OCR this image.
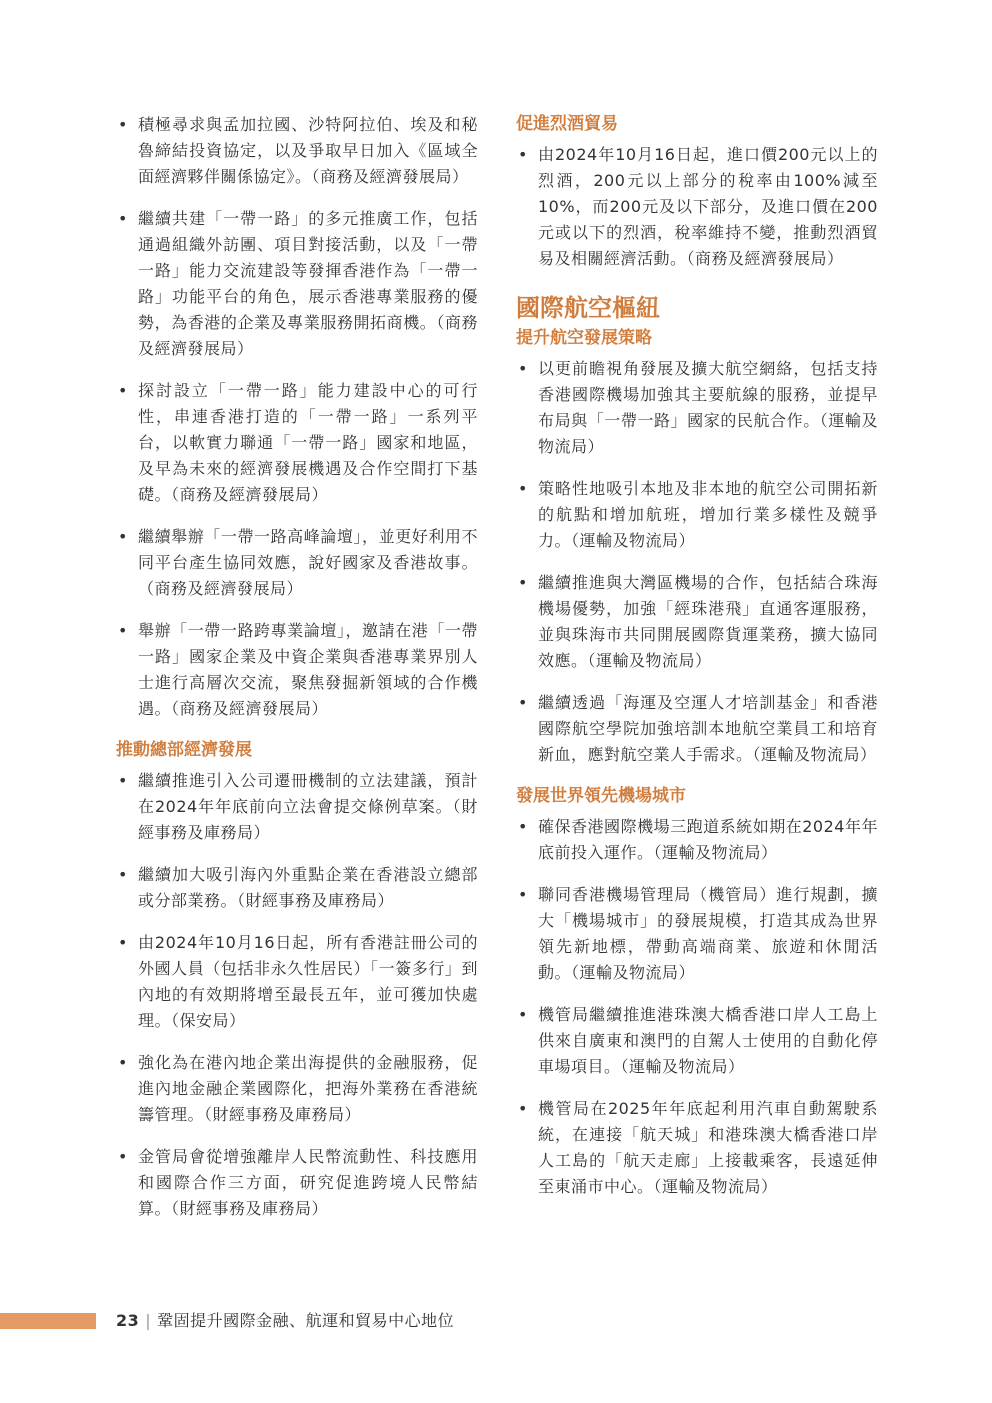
• 積極尋求與孟加拉國、沙特阿拉伯、埃及和秘魯締結投資協定，以及爭取早日加入《區域全面經濟夥伴關係協定》。（商務及經濟發展局）
• 繼續共建「一帶一路」的多元推廣工作，包括通過組織外訪團、項目對接活動，以及「一帶一路」能力交流建設等發揮香港作為「一帶一路」功能平台的角色，展示香港專業服務的優勢，為香港的企業及專業服務開拓商機。（商務及經濟發展局）
• 探討設立「一帶一路」能力建設中心的可行性，串連香港打造的「一帶一路」一系列平台，以軟實力聯通「一帶一路」國家和地區，及早為未來的經濟發展機遇及合作空間打下基礎。（商務及經濟發展局）
• 繼續舉辦「一帶一路高峰論壇」，並更好利用不同平台產生協同效應，說好國家及香港故事。（商務及經濟發展局）
• 舉辦「一帶一路跨專業論壇」，邀請在港「一帶一路」國家企業及中資企業與香港專業界別人士進行高層次交流，聚焦發掘新領域的合作機遇。（商務及經濟發展局）
推動總部經濟發展
• 繼續推進引入公司遷冊機制的立法建議，預計在2024年年底前向立法會提交條例草案。（財經事務及庫務局）
• 繼續加大吸引海內外重點企業在香港設立總部或分部業務。（財經事務及庫務局）
• 由2024年10月16日起，所有香港註冊公司的外國人員（包括非永久性居民）「一簽多行」到內地的有效期將增至最長五年，並可獲加快處理。（保安局）
• 強化為在港內地企業出海提供的金融服務，促進內地金融企業國際化，把海外業務在香港統籌管理。（財經事務及庫務局）
• 金管局會從增強離岸人民幣流動性、科技應用和國際合作三方面，研究促進跨境人民幣結算。（財經事務及庫務局）
促進烈酒貿易
• 由2024年10月16日起，進口價200元以上的烈酒，200元以上部分的稅率由100%減至10%，而200元及以下部分，及進口價在200元或以下的烈酒，稅率維持不變，推動烈酒貿易及相關經濟活動。（商務及經濟發展局）
國際航空樞紐
提升航空發展策略
• 以更前瞻視角發展及擴大航空網絡，包括支持香港國際機場加強其主要航線的服務，並提早布局與「一帶一路」國家的民航合作。（運輸及物流局）
• 策略性地吸引本地及非本地的航空公司開拓新的航點和增加航班，增加行業多樣性及競爭力。（運輸及物流局）
• 繼續推進與大灣區機場的合作，包括結合珠海機場優勢，加強「經珠港飛」直通客運服務，並與珠海市共同開展國際貨運業務，擴大協同效應。（運輸及物流局）
• 繼續透過「海運及空運人才培訓基金」和香港國際航空學院加強培訓本地航空業員工和培育新血，應對航空業人手需求。（運輸及物流局）
發展世界領先機場城市
• 確保香港國際機場三跑道系統如期在2024年年底前投入運作。（運輸及物流局）
• 聯同香港機場管理局（機管局）進行規劃，擴大「機場城市」的發展規模，打造其成為世界領先新地標，帶動高端商業、旅遊和休閒活動。（運輸及物流局）
• 機管局繼續推進港珠澳大橋香港口岸人工島上供來自廣東和澳門的自駕人士使用的自動化停車場項目。（運輸及物流局）
• 機管局在2025年年底起利用汽車自動駕駛系統，在連接「航天城」和港珠澳大橋香港口岸人工島的「航天走廊」上接載乘客，長遠延伸至東涌市中心。（運輸及物流局）
23 | 鞏固提升國際金融、航運和貿易中心地位
